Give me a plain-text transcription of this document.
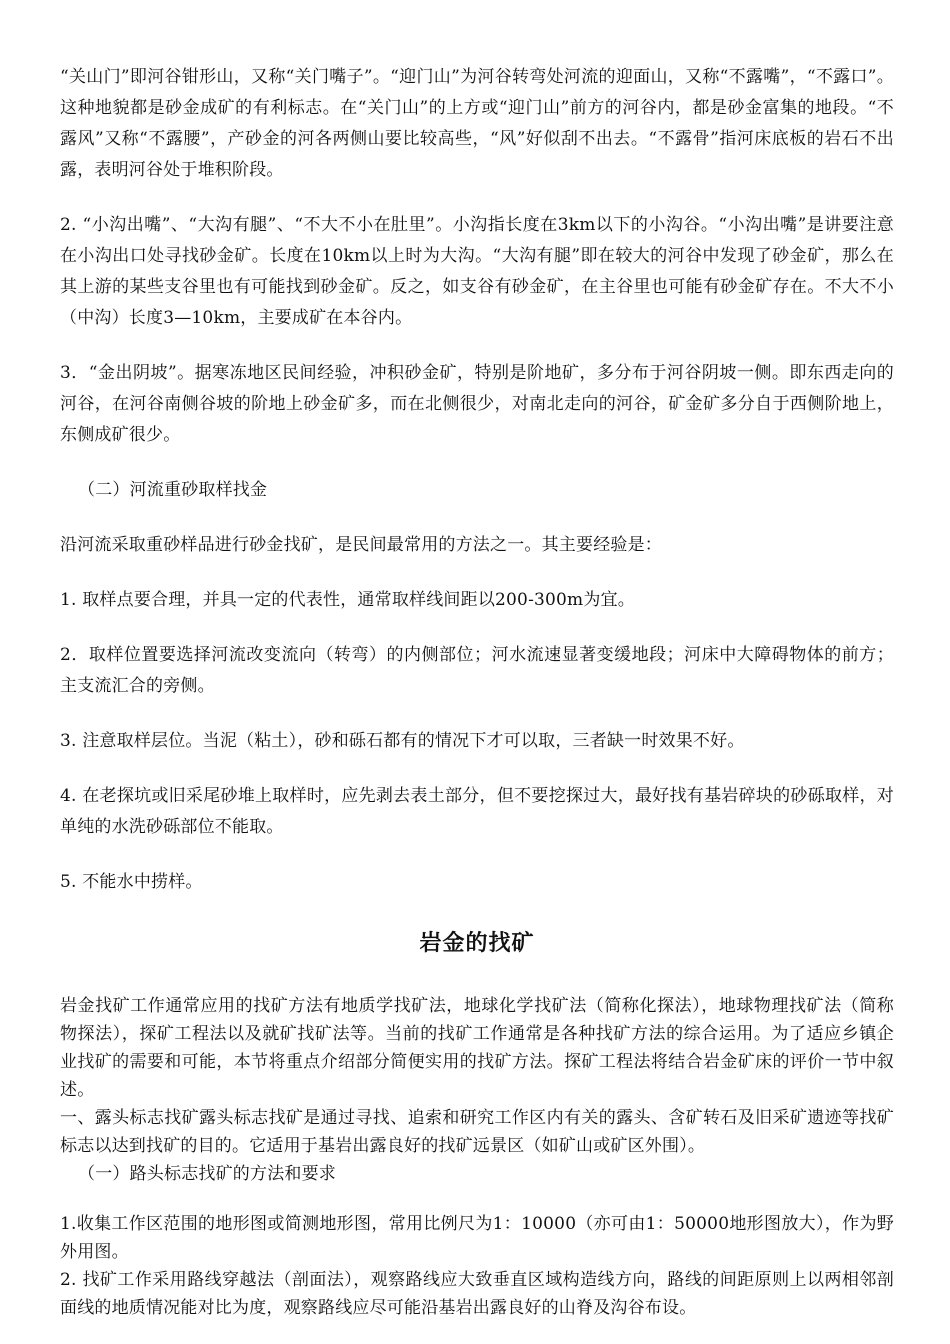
“关山门”即河谷钳形山，又称“关门嘴子”。“迎门山”为河谷转弯处河流的迎面山，又称“不露嘴”，“不露口”。这种地貌都是砂金成矿的有利标志。在“关门山”的上方或“迎门山”前方的河谷内，都是砂金富集的地段。“不露风”又称“不露腰”，产砂金的河各两侧山要比较高些，“风”好似刮不出去。“不露骨”指河床底板的岩石不出露，表明河谷处于堆积阶段。

2. “小沟出嘴”、“大沟有腿”、“不大不小在肚里”。小沟指长度在3km以下的小沟谷。“小沟出嘴”是讲要注意在小沟出口处寻找砂金矿。长度在10km以上时为大沟。“大沟有腿”即在较大的河谷中发现了砂金矿，那么在其上游的某些支谷里也有可能找到砂金矿。反之，如支谷有砂金矿，在主谷里也可能有砂金矿存在。不大不小（中沟）长度3—10km，主要成矿在本谷内。

3．“金出阴坡”。据寒冻地区民间经验，冲积砂金矿，特别是阶地矿，多分布于河谷阴坡一侧。即东西走向的河谷，在河谷南侧谷坡的阶地上砂金矿多，而在北侧很少，对南北走向的河谷，矿金矿多分自于西侧阶地上，东侧成矿很少。

（二）河流重砂取样找金

沿河流采取重砂样品进行砂金找矿，是民间最常用的方法之一。其主要经验是：

1. 取样点要合理，并具一定的代表性，通常取样线间距以200-300m为宜。

2．取样位置要选择河流改变流向（转弯）的内侧部位；河水流速显著变缓地段；河床中大障碍物体的前方；主支流汇合的旁侧。

3. 注意取样层位。当泥（粘土），砂和砾石都有的情况下才可以取，三者缺一时效果不好。

4. 在老探坑或旧采尾砂堆上取样时，应先剥去表土部分，但不要挖探过大，最好找有基岩碎块的砂砾取样，对单纯的水洗砂砾部位不能取。

5. 不能水中捞样。

岩金的找矿

岩金找矿工作通常应用的找矿方法有地质学找矿法，地球化学找矿法（简称化探法），地球物理找矿法（简称物探法），探矿工程法以及就矿找矿法等。当前的找矿工作通常是各种找矿方法的综合运用。为了适应乡镇企业找矿的需要和可能，本节将重点介绍部分简便实用的找矿方法。探矿工程法将结合岩金矿床的评价一节中叙述。

一、露头标志找矿露头标志找矿是通过寻找、追索和研究工作区内有关的露头、含矿转石及旧采矿遗迹等找矿标志以达到找矿的目的。它适用于基岩出露良好的找矿远景区（如矿山或矿区外围）。

（一）路头标志找矿的方法和要求

1.收集工作区范围的地形图或简测地形图，常用比例尺为1：10000（亦可由1：50000地形图放大），作为野外用图。

2. 找矿工作采用路线穿越法（剖面法），观察路线应大致垂直区域构造线方向，路线的间距原则上以两相邻剖面线的地质情况能对比为度，观察路线应尽可能沿基岩出露良好的山脊及沟谷布设。
